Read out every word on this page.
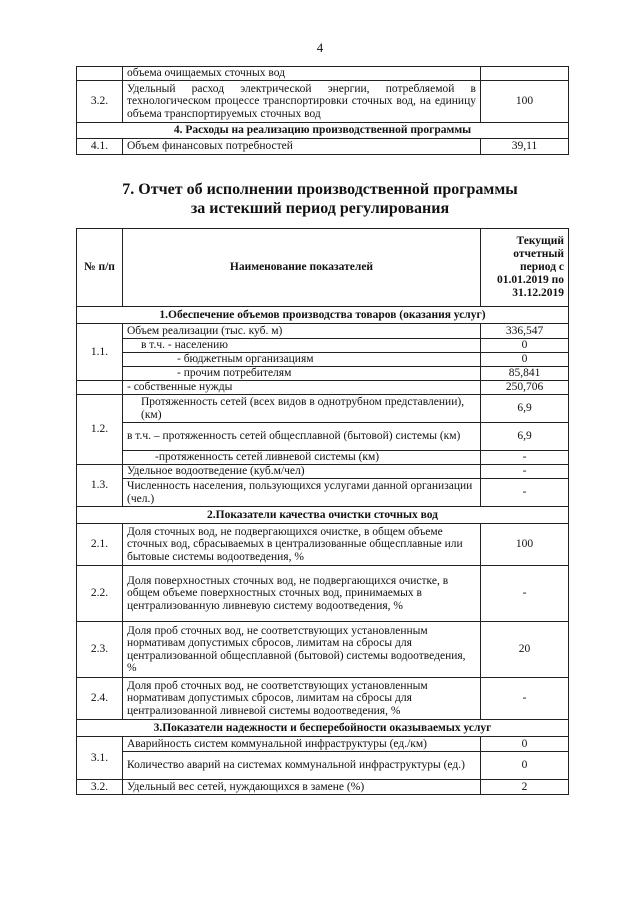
4
	объема очищаемых сточных вод	
3.2.	Удельный расход электрической энергии, потребляемой в технологическом процессе транспортировки сточных вод, на единицу объема транспортируемых сточных вод	100
4. Расходы на реализацию производственной программы		
4.1.	Объем финансовых потребностей	39,11
7. Отчет об исполнении производственной программы
за истекший период регулирования
№ п/п	Наименование показателей	Текущий отчетный период с 01.01.2019 по 31.12.2019
1.Обеспечение объемов производства товаров (оказания услуг)		
1.1.	Объем реализации (тыс. куб. м)	336,547
	в т.ч. - населению	0
	- бюджетным организациям	0
	- прочим потребителям	85,841
	- собственные нужды	250,706
1.2.	Протяженность сетей (всех видов в однотрубном представлении), (км)	6,9
	в т.ч. – протяженность сетей общесплавной (бытовой) системы (км)	6,9
	-протяженность сетей ливневой системы (км)	-
1.3.	Удельное водоотведение (куб.м/чел)	-
	Численность населения, пользующихся услугами данной организации (чел.)	-
2.Показатели качества очистки сточных вод		
2.1.	Доля сточных вод, не подвергающихся очистке, в общем объеме сточных вод, сбрасываемых в централизованные общесплавные или бытовые системы водоотведения, %	100
2.2.	Доля поверхностных сточных вод, не подвергающихся очистке, в общем объеме поверхностных сточных вод, принимаемых в централизованную ливневую систему водоотведения, %	-
2.3.	Доля проб сточных вод, не соответствующих установленным нормативам допустимых сбросов, лимитам на сбросы для централизованной общесплавной (бытовой) системы водоотведения, %	20
2.4.	Доля проб сточных вод, не соответствующих установленным нормативам допустимых сбросов, лимитам на сбросы для централизованной ливневой системы водоотведения, %	-
3.Показатели надежности и бесперебойности оказываемых услуг		
3.1.	Аварийность систем коммунальной инфраструктуры (ед./км)	0
	Количество аварий на системах коммунальной инфраструктуры (ед.)	0
3.2.	Удельный вес сетей, нуждающихся в замене (%)	2
